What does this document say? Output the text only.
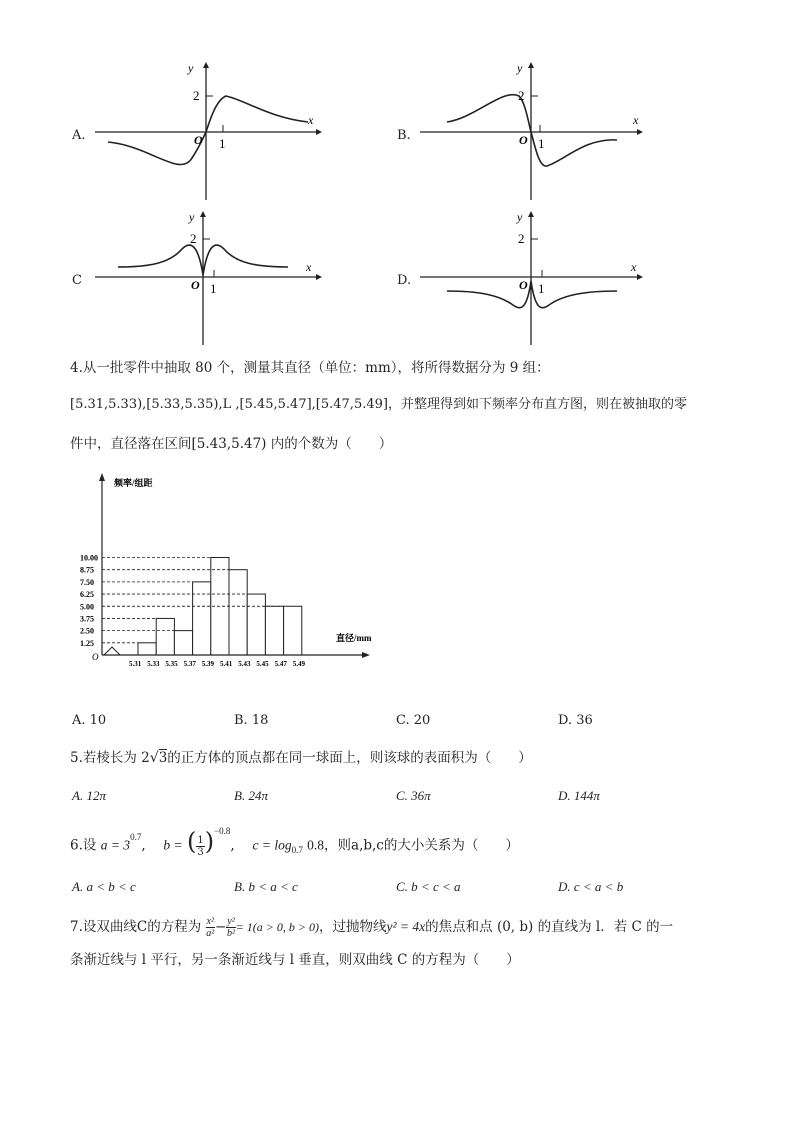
A.
y
x
O 1
2
B.
y
x
O 1
2
C
y
x
O 1
2
D.
y
x
O 1
2
4.从一批零件中抽取 80 个，测量其直径（单位：mm），将所得数据分为 9 组：
[5.31,5.33),[5.33,5.35),L ,[5.45,5.47],[5.47,5.49]，并整理得到如下频率分布直方图，则在被抽取的零
件中，直径落在区间[5.43,5.47) 内的个数为（　　）
10.00
8.75
7.50
6.25
5.00
3.75
2.50
1.25
5.31 5.33 5.35 5.37 5.39 5.41 5.43 5.45 5.47 5.49
频率/组距
直径/mm
O
A. 10	B. 18	C. 20	D. 36
5.若棱长为 2√3的正方体的顶点都在同一球面上，则该球的表面积为（　　）
A. 12π	B. 24π	C. 36π	D. 144π
6.设 $a = 3^{0.7}$,　 b = ( $\frac{1}{3} )^{-0.8}$,　 $c = \log_{0.7} 0.8$，则a,b,c的大小关系为（　　）
A. a < b < c	B. b < a < c	C. b < c < a	D. c < a < b
7.设双曲线C的方程为 $\frac{\text{x²}}{\text{a²}} - \frac{\text{y²}}{\text{b²}} = 1(a > 0$, b > 0)，过抛物线y² = 4x的焦点和点 (0, b) 的直线为 l．若 C 的一
条渐近线与 l 平行，另一条渐近线与 l 垂直，则双曲线 C 的方程为（　　）
